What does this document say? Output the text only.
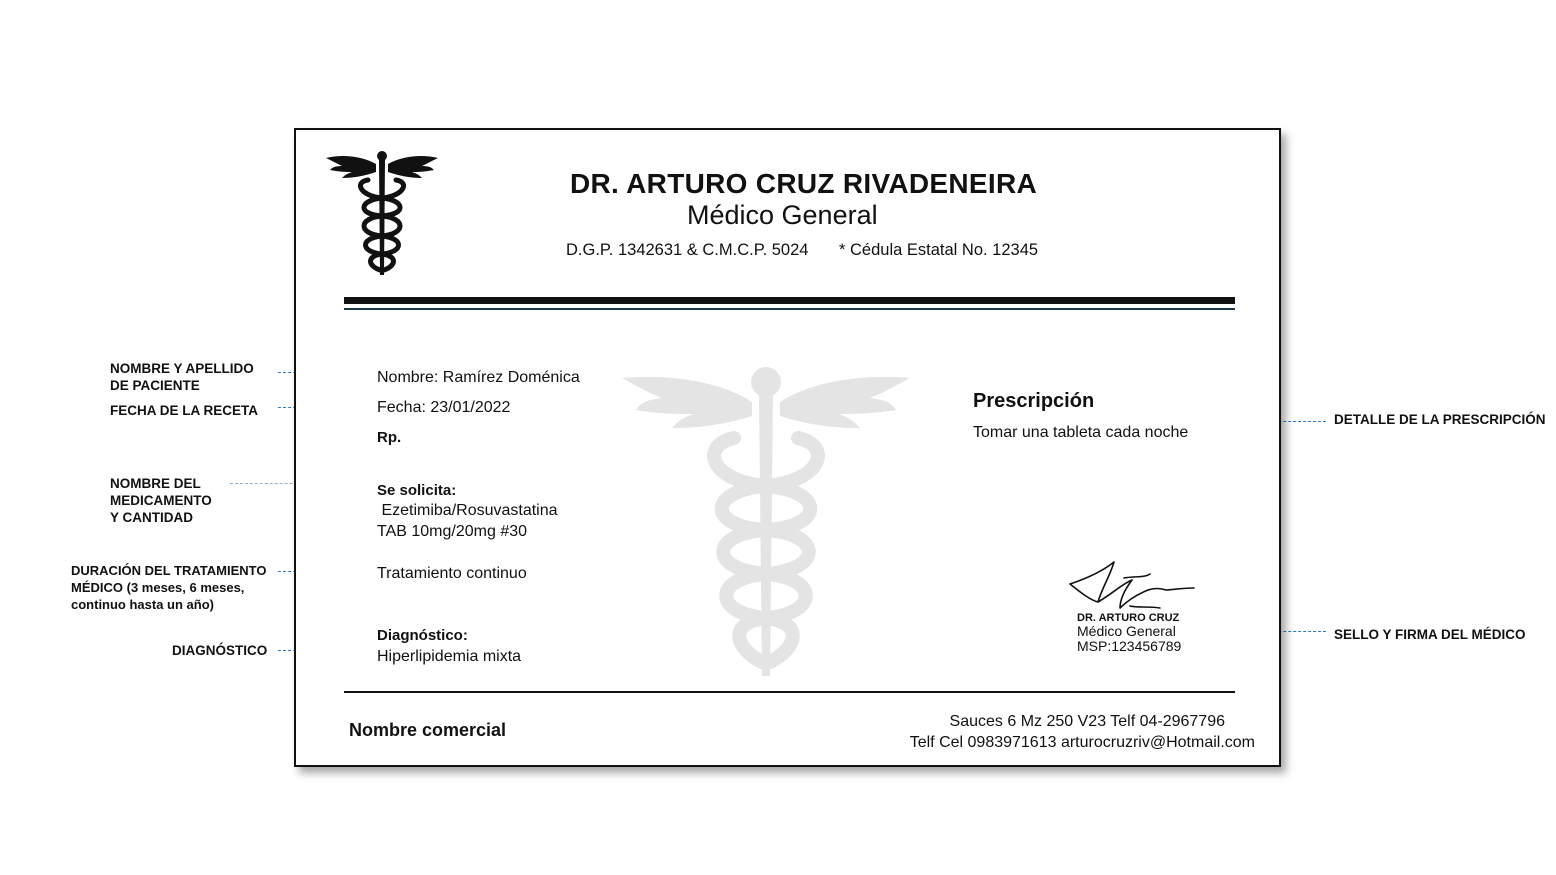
NOMBRE Y APELLIDO
DE PACIENTE
FECHA DE LA RECETA
NOMBRE DEL
MEDICAMENTO
Y CANTIDAD
DURACIÓN DEL TRATAMIENTO
MÉDICO (3 meses, 6 meses,
continuo hasta un año)
DIAGNÓSTICO
DETALLE DE LA PRESCRIPCIÓN
SELLO Y FIRMA DEL MÉDICO
DR. ARTURO CRUZ RIVADENEIRA
Médico General
D.G.P. 1342631 & C.M.C.P. 5024 * Cédula Estatal No. 12345
Nombre: Ramírez Doménica
Fecha: 23/01/2022
Rp.
Se solicita:
Ezetimiba/Rosuvastatina
TAB 10mg/20mg #30
Tratamiento continuo
Diagnóstico:
Hiperlipidemia mixta
Prescripción
Tomar una tableta cada noche
DR. ARTURO CRUZ
Médico General
MSP:123456789
Nombre comercial	Sauces 6 Mz 250 V23 Telf 04-2967796
Telf Cel 0983971613 arturocruzriv@Hotmail.com
